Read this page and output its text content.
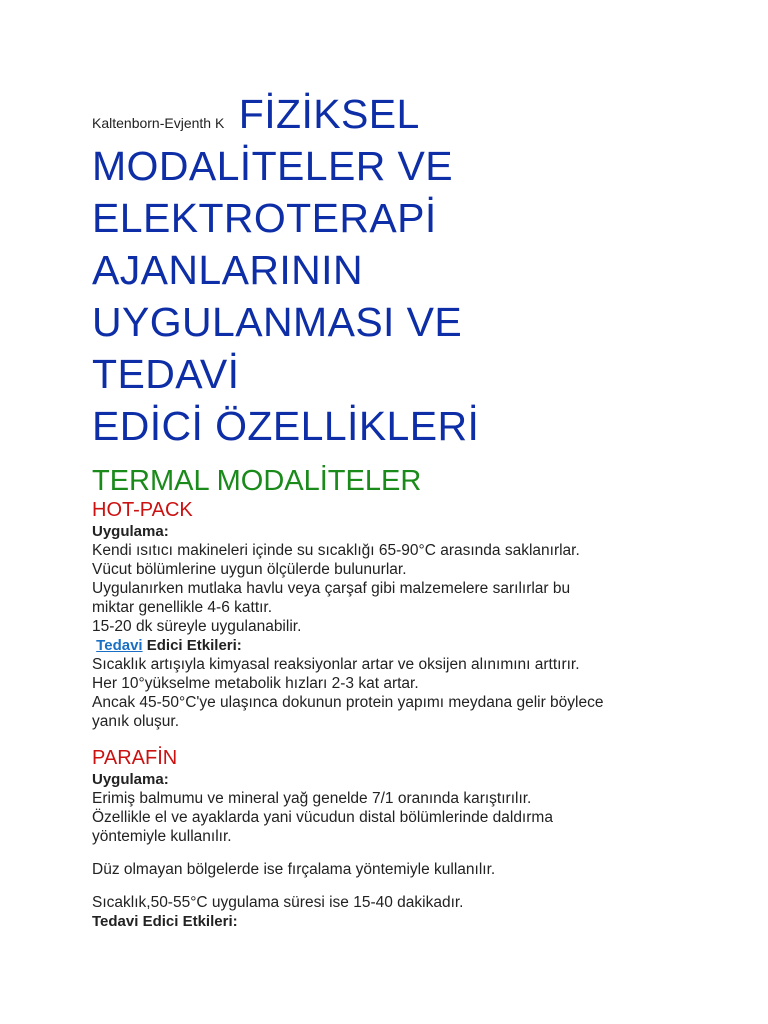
Kaltenborn-Evjenth K FİZİKSEL
MODALİTELER VE
ELEKTROTERAPİ
AJANLARININ
UYGULANMASI VE
TEDAVİ
EDİCİ ÖZELLİKLERİ
TERMAL MODALİTELER
HOT-PACK
Uygulama:
Kendi ısıtıcı makineleri içinde su sıcaklığı 65-90°C arasında saklanırlar.
Vücut bölümlerine uygun ölçülerde bulunurlar.
Uygulanırken mutlaka havlu veya çarşaf gibi malzemelere sarılırlar bu
miktar genellikle 4-6 kattır.
15-20 dk süreyle uygulanabilir.
Tedavi Edici Etkileri:
Sıcaklık artışıyla kimyasal reaksiyonlar artar ve oksijen alınımını arttırır.
Her 10°yükselme metabolik hızları 2-3 kat artar.
Ancak 45-50°C'ye ulaşınca dokunun protein yapımı meydana gelir böylece
yanık oluşur.
PARAFİN
Uygulama:
Erimiş balmumu ve mineral yağ genelde 7/1 oranında karıştırılır.
Özellikle el ve ayaklarda yani vücudun distal bölümlerinde daldırma
yöntemiyle kullanılır.
Düz olmayan bölgelerde ise fırçalama yöntemiyle kullanılır.
Sıcaklık,50-55°C uygulama süresi ise 15-40 dakikadır.
Tedavi Edici Etkileri:
